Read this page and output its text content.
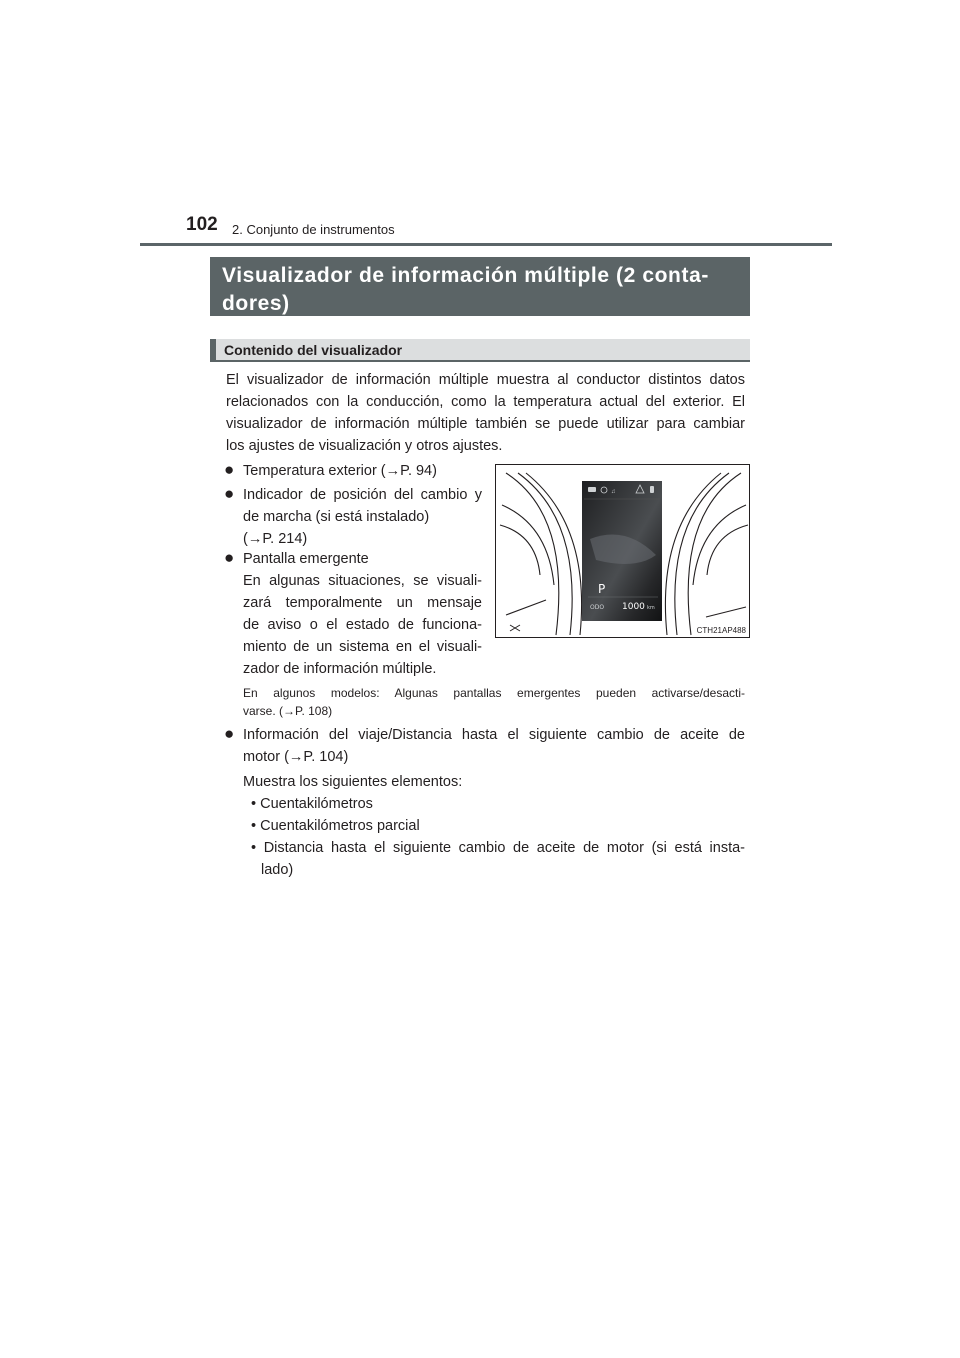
102 2. Conjunto de instrumentos
Visualizador de información múltiple (2 conta-
dores)
Contenido del visualizador
El visualizador de información múltiple muestra al conductor distintos datos
relacionados con la conducción, como la temperatura actual del exterior. El
visualizador de información múltiple también se puede utilizar para cambiar
los ajustes de visualización y otros ajustes.
● Temperatura exterior (→P. 94)
● Indicador de posición del cambio y
de marcha (si está instalado)
(→P. 214)
● Pantalla emergente
En algunas situaciones, se visuali-
zará temporalmente un mensaje
de aviso o el estado de funciona-
miento de un sistema en el visuali-
zador de información múltiple.
En algunos modelos: Algunas pantallas emergentes pueden activarse/desacti-
varse. (→P. 108)
● Información del viaje/Distancia hasta el siguiente cambio de aceite de
motor (→P. 104)
Muestra los siguientes elementos:
• Cuentakilómetros
• Cuentakilómetros parcial
• Distancia hasta el siguiente cambio de aceite de motor (si está insta-
lado)
♫
P
ODO 1000 km
CTH21AP488
